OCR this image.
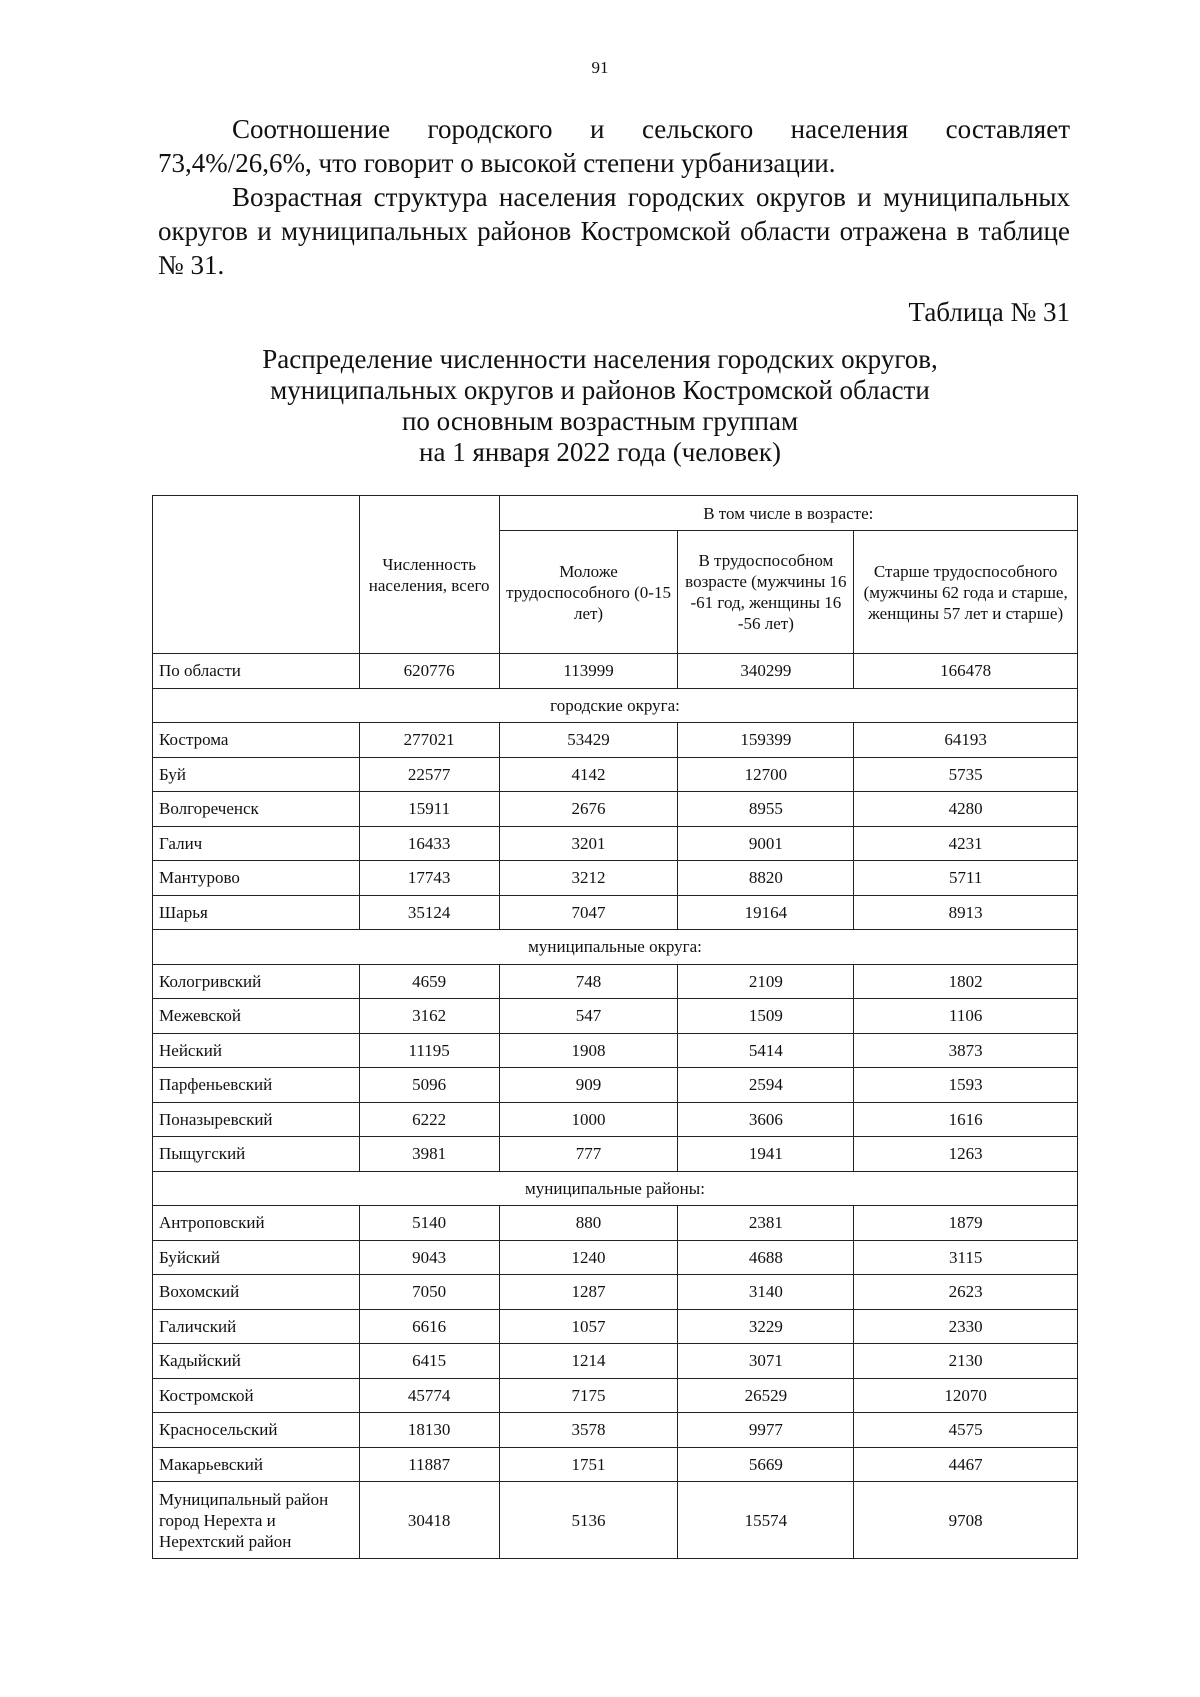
91

Соотношение городского и сельского населения составляет 73,4%/26,6%, что говорит о высокой степени урбанизации.

Возрастная структура населения городских округов и муниципальных округов и муниципальных районов Костромской области отражена в таблице № 31.

Таблица № 31
Распределение численности населения городских округов,
муниципальных округов и районов Костромской области
по основным возрастным группам
на 1 января 2022 года (человек)
	Численность населения, всего	В том числе в возрасте:		
		Моложе трудоспособного (0-15 лет)	В трудоспособном возрасте (мужчины 16 -61 год, женщины 16 -56 лет)	Старше трудоспособного (мужчины 62 года и старше, женщины 57 лет и старше)
По области	620776	113999	340299	166478
городские округа:				
Кострома	277021	53429	159399	64193
Буй	22577	4142	12700	5735
Волгореченск	15911	2676	8955	4280
Галич	16433	3201	9001	4231
Мантурово	17743	3212	8820	5711
Шарья	35124	7047	19164	8913
муниципальные округа:				
Кологривский	4659	748	2109	1802
Межевской	3162	547	1509	1106
Нейский	11195	1908	5414	3873
Парфеньевский	5096	909	2594	1593
Поназыревский	6222	1000	3606	1616
Пыщугский	3981	777	1941	1263
муниципальные районы:				
Антроповский	5140	880	2381	1879
Буйский	9043	1240	4688	3115
Вохомский	7050	1287	3140	2623
Галичский	6616	1057	3229	2330
Кадыйский	6415	1214	3071	2130
Костромской	45774	7175	26529	12070
Красносельский	18130	3578	9977	4575
Макарьевский	11887	1751	5669	4467
Муниципальный район город Нерехта и Нерехтский район	30418	5136	15574	9708
